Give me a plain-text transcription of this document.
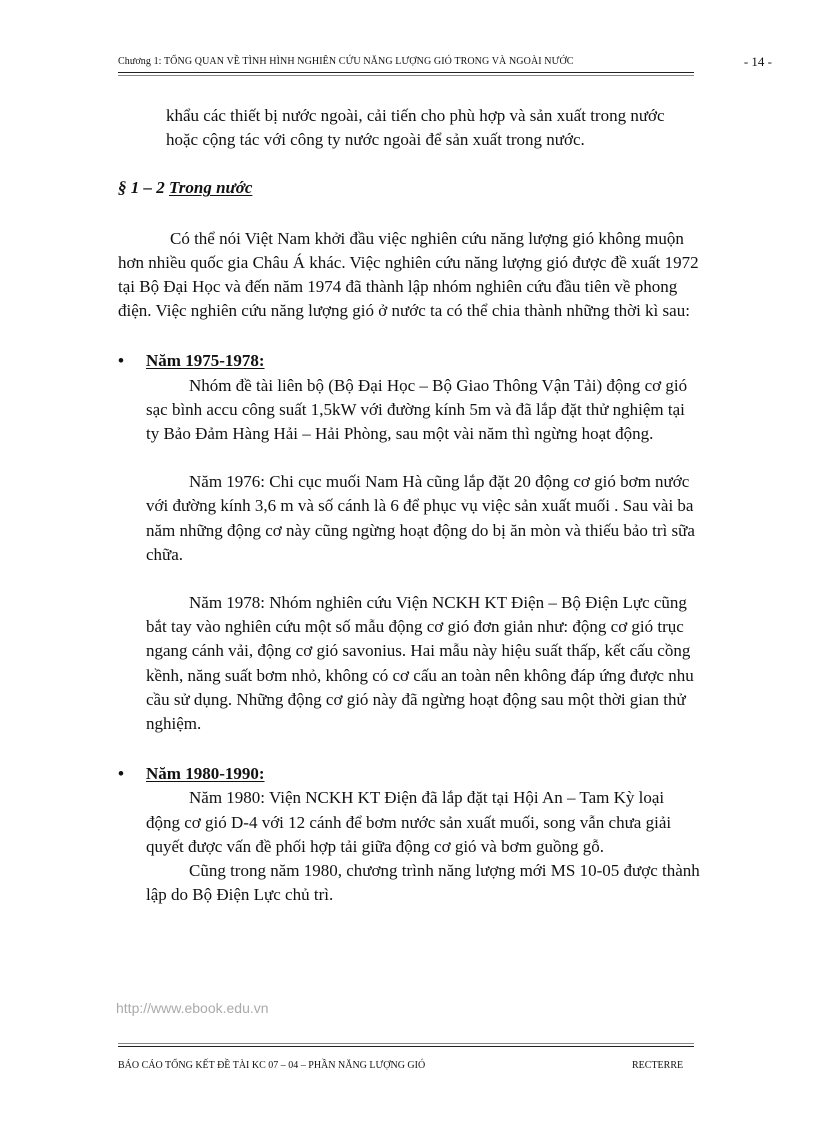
Chương 1: TỔNG QUAN VỀ TÌNH HÌNH NGHIÊN CỨU NĂNG LƯỢNG GIÓ TRONG VÀ NGOÀI NƯỚC	- 14 -

khẩu các thiết bị nước ngoài, cải tiến cho phù hợp và sản xuất trong nước hoặc cộng tác với công ty nước ngoài để sản xuất trong nước.

§ 1 – 2 Trong nước

Có thể nói Việt Nam khởi đầu việc nghiên cứu năng lượng gió không muộn hơn nhiều quốc gia Châu Á khác. Việc nghiên cứu năng lượng gió được đề xuất 1972 tại Bộ Đại Học và đến năm 1974 đã thành lập nhóm nghiên cứu đầu tiên về phong điện. Việc nghiên cứu năng lượng gió ở nước ta có thể chia thành những thời kì sau:

• Năm 1975-1978:

Nhóm đề tài liên bộ (Bộ Đại Học – Bộ Giao Thông Vận Tải) động cơ gió sạc bình accu công suất 1,5kW với đường kính 5m và đã lắp đặt thử nghiệm tại ty Bảo Đảm Hàng Hải – Hải Phòng, sau một vài năm thì ngừng hoạt động.

Năm 1976: Chi cục muối Nam Hà cũng lắp đặt 20 động cơ gió bơm nước với đường kính 3,6 m và số cánh là 6 để phục vụ việc sản xuất muối . Sau vài ba năm những động cơ này cũng ngừng hoạt động do bị ăn mòn và thiếu bảo trì sữa chữa.

Năm 1978: Nhóm nghiên cứu Viện NCKH KT Điện – Bộ Điện Lực cũng bắt tay vào nghiên cứu một số mẫu động cơ gió đơn giản như: động cơ gió trục ngang cánh vải, động cơ gió savonius. Hai mẫu này hiệu suất thấp, kết cấu cồng kềnh, năng suất bơm nhỏ, không có cơ cấu an toàn nên không đáp ứng được nhu cầu sử dụng. Những động cơ gió này đã ngừng hoạt động sau một thời gian thử nghiệm.

• Năm 1980-1990:

Năm 1980: Viện NCKH KT Điện đã lắp đặt tại Hội An – Tam Kỳ loại động cơ gió D-4 với 12 cánh để bơm nước sản xuất muối, song vẫn chưa giải quyết được vấn đề phối hợp tải giữa động cơ gió và bơm guồng gỗ.

Cũng trong năm 1980, chương trình năng lượng mới MS 10-05 được thành lập do Bộ Điện Lực chủ trì.

http://www.ebook.edu.vn
BÁO CÁO TỔNG KẾT ĐỀ TÀI KC 07 – 04 – PHẦN NĂNG LƯỢNG GIÓ	RECTERRE
